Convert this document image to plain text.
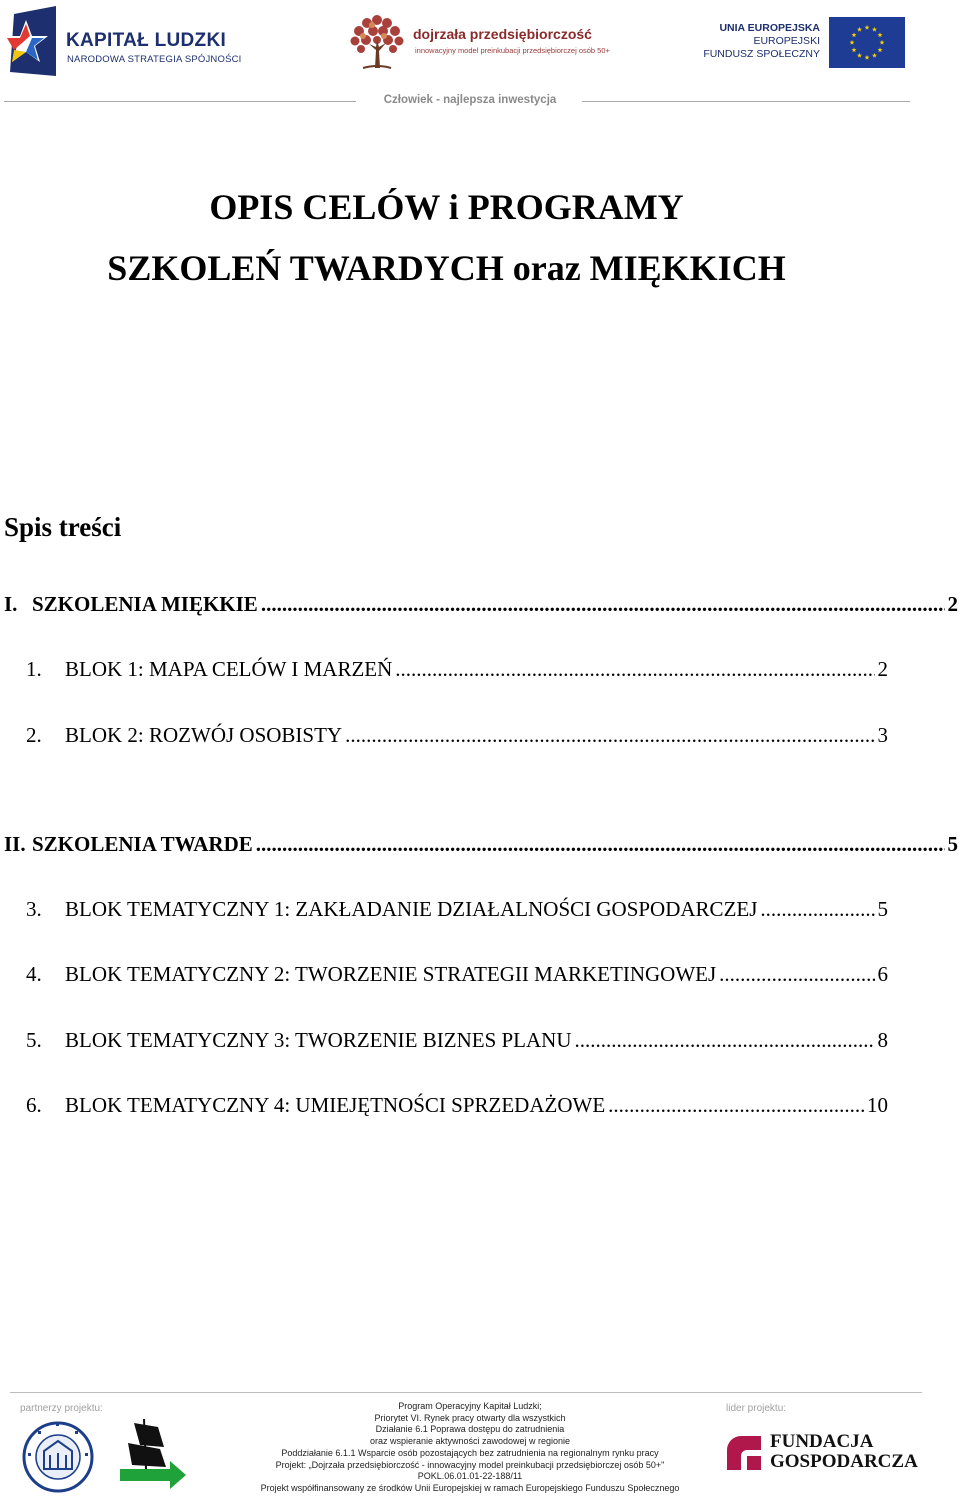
KAPITAŁ LUDZKI
NARODOWA STRATEGIA SPÓJNOŚCI
dojrzała przedsiębiorczość
innowacyjny model preinkubacji przedsiębiorczej osób 50+
UNIA EUROPEJSKA
EUROPEJSKI
FUNDUSZ SPOŁECZNY
Człowiek - najlepsza inwestycja
OPIS CELÓW i PROGRAMY
SZKOLEŃ TWARDYCH oraz MIĘKKICH
Spis treści
I. SZKOLENIA MIĘKKIE .....	2
1.	BLOK 1: MAPA CELÓW I MARZEŃ .....	2
2.	BLOK 2: ROZWÓJ OSOBISTY .....	3
II. SZKOLENIA TWARDE .....	5
3.	BLOK TEMATYCZNY 1: ZAKŁADANIE DZIAŁALNOŚCI GOSPODARCZEJ .....	5
4.	BLOK TEMATYCZNY 2: TWORZENIE STRATEGII MARKETINGOWEJ .....	6
5.	BLOK TEMATYCZNY 3: TWORZENIE BIZNES PLANU .....	8
6.	BLOK TEMATYCZNY 4: UMIEJĘTNOŚCI SPRZEDAŻOWE .....	10
partnerzy projektu:	lider projektu:
Program Operacyjny Kapitał Ludzki;
Priorytet VI. Rynek pracy otwarty dla wszystkich
Działanie 6.1 Poprawa dostępu do zatrudnienia
oraz wspieranie aktywności zawodowej w regionie
Poddziałanie 6.1.1 Wsparcie osób pozostających bez zatrudnienia na regionalnym rynku pracy
Projekt: „Dojrzała przedsiębiorczość - innowacyjny model preinkubacji przedsiębiorczej osób 50+"
POKL.06.01.01-22-188/11
Projekt współfinansowany ze środków Unii Europejskiej w ramach Europejskiego Funduszu Społecznego
FUNDACJA
GOSPODARCZA
